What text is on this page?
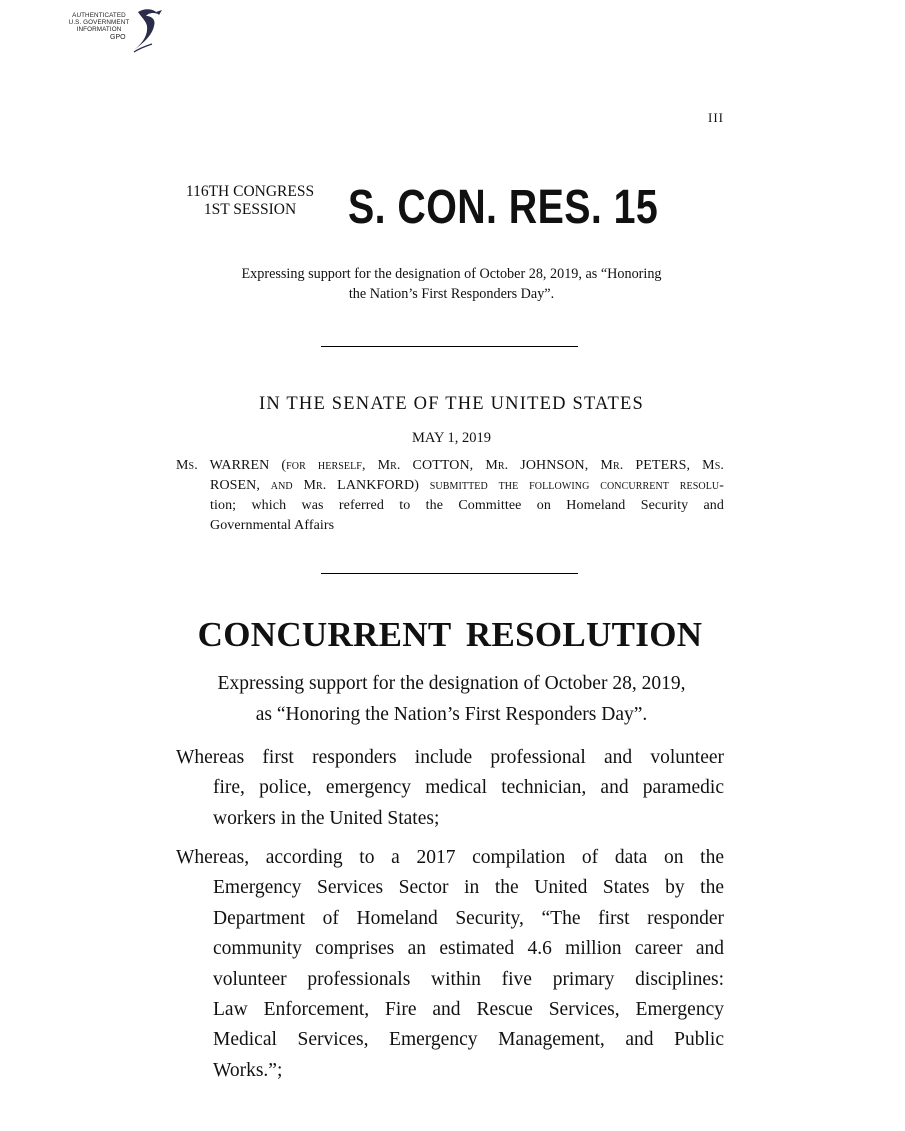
AUTHENTICATED
U.S. GOVERNMENT
INFORMATION
GPO
III
116TH CONGRESS
1ST SESSION	S. CON. RES. 15
Expressing support for the designation of October 28, 2019, as “Honoring
the Nation’s First Responders Day”.
IN THE SENATE OF THE UNITED STATES
MAY 1, 2019
Ms. WARREN (for herself, Mr. COTTON, Mr. JOHNSON, Mr. PETERS, Ms.
ROSEN, and Mr. LANKFORD) submitted the following concurrent resolu-
tion; which was referred to the Committee on Homeland Security and
Governmental Affairs
CONCURRENT RESOLUTION
Expressing support for the designation of October 28, 2019,
as “Honoring the Nation’s First Responders Day”.
Whereas first responders include professional and volunteer
fire, police, emergency medical technician, and paramedic
workers in the United States;
Whereas, according to a 2017 compilation of data on the
Emergency Services Sector in the United States by the
Department of Homeland Security, “The first responder
community comprises an estimated 4.6 million career and
volunteer professionals within five primary disciplines:
Law Enforcement, Fire and Rescue Services, Emergency
Medical Services, Emergency Management, and Public
Works.”;
